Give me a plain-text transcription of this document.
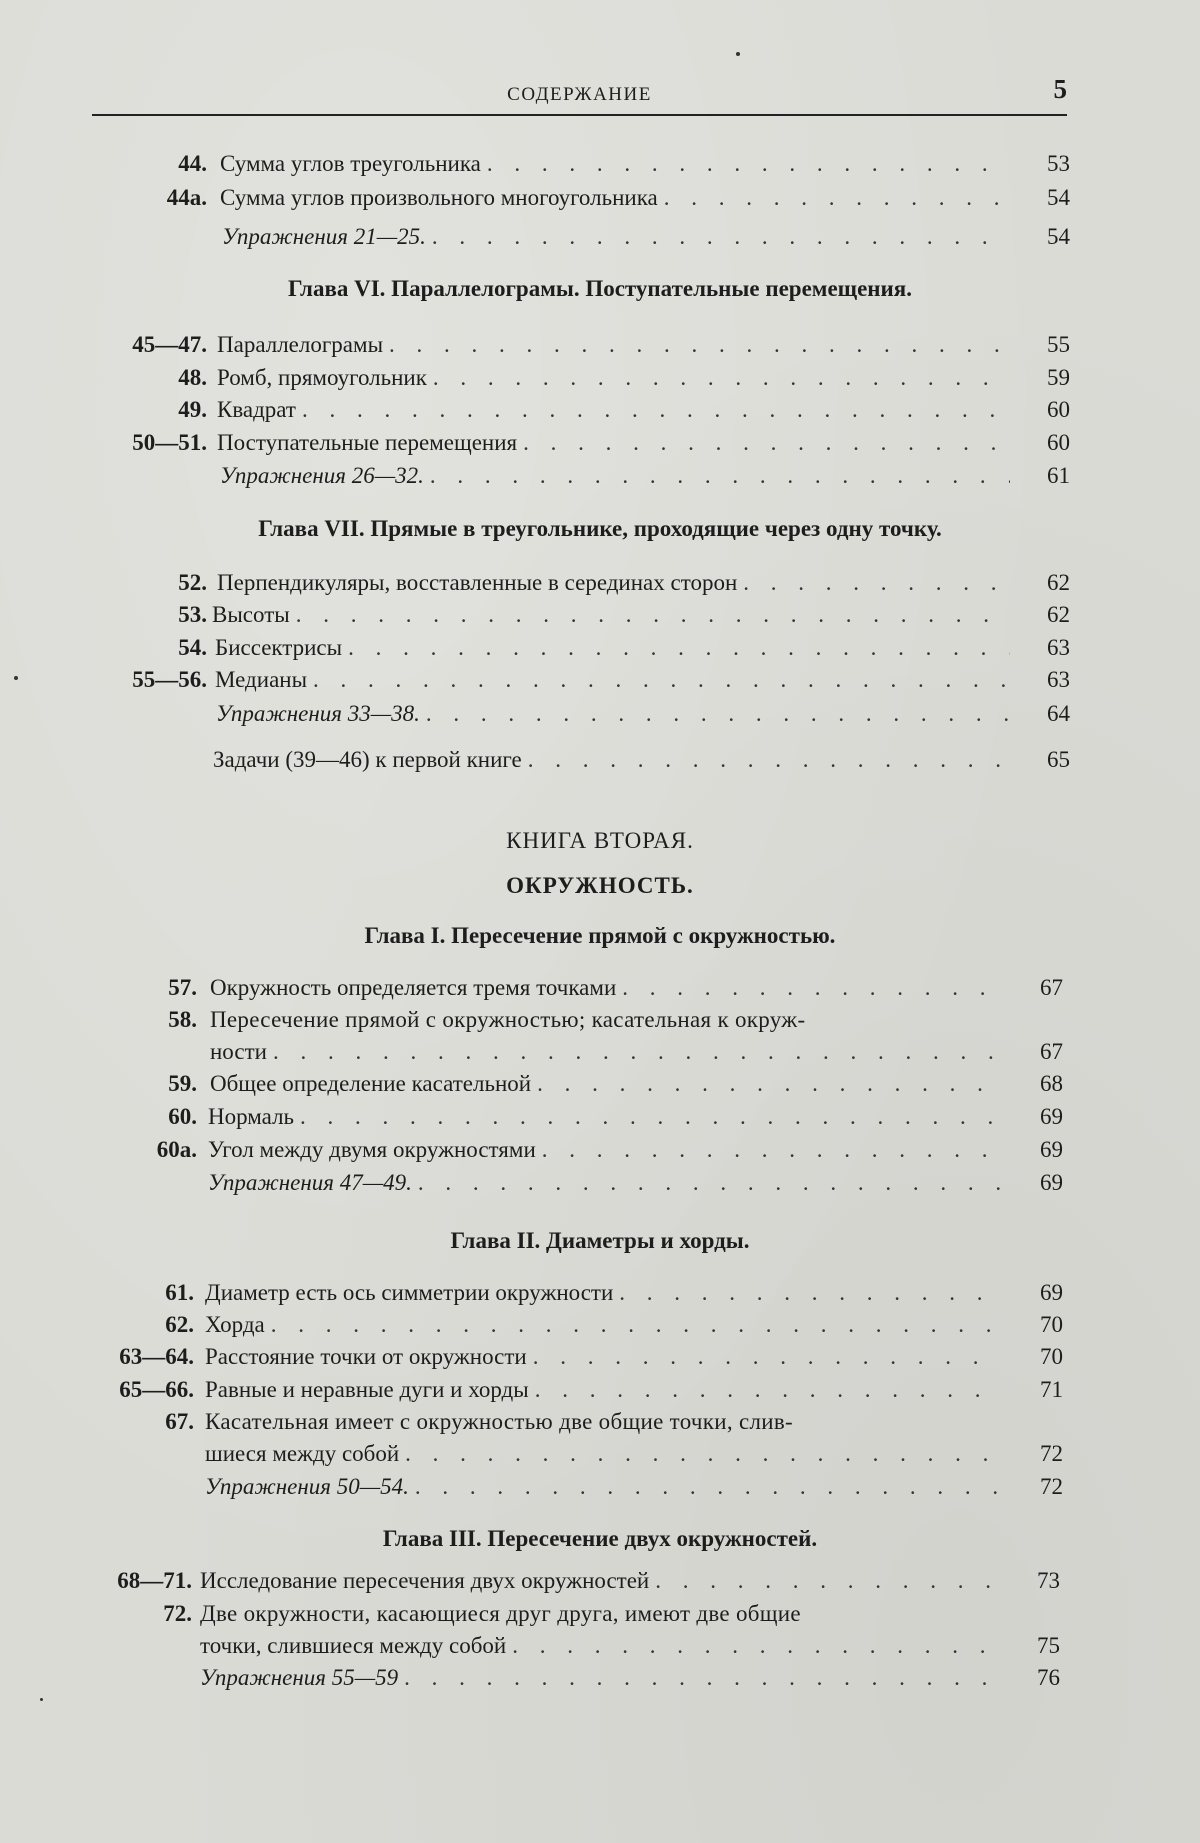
СОДЕРЖАНИЕ	5
44. Сумма углов треугольника . . . . . . . . . . . . . . . . . . .	53
44а. Сумма углов произвольного многоугольника . . . . . . . . . . . . .	54
Упражнения 21—25. . . . . . . . . . . . . . . . . . . . . .	54
Глава VI. Параллелограмы. Поступательные перемещения.
45—47. Параллелограмы . . . . . . . . . . . . . . . . . . . . . . .	55
48. Ромб, прямоугольник . . . . . . . . . . . . . . . . . . . . .	59
49. Квадрат . . . . . . . . . . . . . . . . . . . . . . . . . .	60
50—51. Поступательные перемещения . . . . . . . . . . . . . . . . . .	60
Упражнения 26—32. . . . . . . . . . . . . . . . . . . . . .	61
Глава VII. Прямые в треугольнике, проходящие через одну точку.
52. Перпендикуляры, восставленные в серединах сторон . . . . . . . . . .	62
53. Высоты . . . . . . . . . . . . . . . . . . . . . . . . . .	62
54. Биссектрисы . . . . . . . . . . . . . . . . . . . . . . . .	63
55—56. Медианы . . . . . . . . . . . . . . . . . . . . . . . . .	63
Упражнения 33—38. . . . . . . . . . . . . . . . . . . . . .	64
Задачи (39—46) к первой книге . . . . . . . . . . . . . . . . . .	65
КНИГА ВТОРАЯ.
ОКРУЖНОСТЬ.
Глава I. Пересечение прямой с окружностью.
57. Окружность определяется тремя точками . . . . . . . . . . . . . .	67
58. Пересечение прямой с окружностью; касательная к окруж-
ности . . . . . . . . . . . . . . . . . . . . . . . . . .	67
59. Общее определение касательной . . . . . . . . . . . . . . . . .	68
60. Нормаль . . . . . . . . . . . . . . . . . . . . . . . . . .	69
60а. Угол между двумя окружностями . . . . . . . . . . . . . . . . .	69
Упражнения 47—49. . . . . . . . . . . . . . . . . . . . . .	69
Глава II. Диаметры и хорды.
61. Диаметр есть ось симметрии окружности . . . . . . . . . . . . . .	69
62. Хорда . . . . . . . . . . . . . . . . . . . . . . . . . . .	70
63—64. Расстояние точки от окружности . . . . . . . . . . . . . . . . .	70
65—66. Равные и неравные дуги и хорды . . . . . . . . . . . . . . . . .	71
67. Касательная имеет с окружностью две общие точки, слив-
шиеся между собой . . . . . . . . . . . . . . . . . . . . . .	72
Упражнения 50—54. . . . . . . . . . . . . . . . . . . . . .	72
Глава III. Пересечение двух окружностей.
68—71. Исследование пересечения двух окружностей . . . . . . . . . . . . .	73
72. Две окружности, касающиеся друг друга, имеют две общие
точки, слившиеся между собой . . . . . . . . . . . . . . . . . .	75
Упражнения 55—59 . . . . . . . . . . . . . . . . . . . . . .	76
